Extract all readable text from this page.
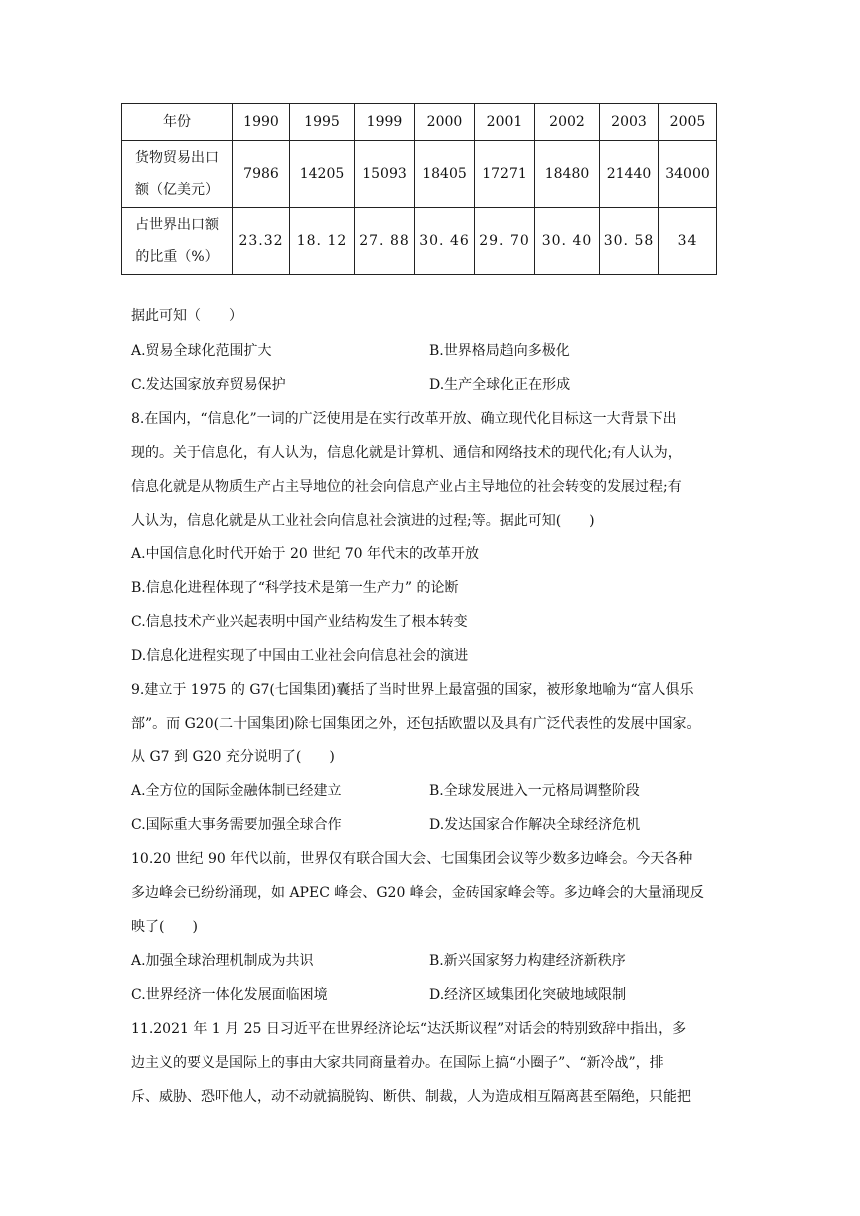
年份	1990	1995	1999	2000	2001	2002	2003	2005

货物贸易出口
额（亿美元）	7986	14205	15093	18405	17271	18480	21440	34000

占世界出口额
的比重（%）	23.32	18. 12	27. 88	30. 46	29. 70	30. 40	30. 58	34
据此可知（　　）
A.贸易全球化范围扩大	B.世界格局趋向多极化
C.发达国家放弃贸易保护	D.生产全球化正在形成
8.在国内，“信息化”一词的广泛使用是在实行改革开放、确立现代化目标这一大背景下出
现的。关于信息化，有人认为，信息化就是计算机、通信和网络技术的现代化;有人认为，
信息化就是从物质生产占主导地位的社会向信息产业占主导地位的社会转变的发展过程;有
人认为，信息化就是从工业社会向信息社会演进的过程;等。据此可知(　　)
A.中国信息化时代开始于 20 世纪 70 年代末的改革开放
B.信息化进程体现了“科学技术是第一生产力” 的论断
C.信息技术产业兴起表明中国产业结构发生了根本转变
D.信息化进程实现了中国由工业社会向信息社会的演进
9.建立于 1975 的 G7(七国集团)囊括了当时世界上最富强的国家，被形象地喻为“富人俱乐
部”。而 G20(二十国集团)除七国集团之外，还包括欧盟以及具有广泛代表性的发展中国家。
从 G7 到 G20 充分说明了(　　)
A.全方位的国际金融体制已经建立	B.全球发展进入一元格局调整阶段
C.国际重大事务需要加强全球合作	D.发达国家合作解决全球经济危机
10.20 世纪 90 年代以前，世界仅有联合国大会、七国集团会议等少数多边峰会。今天各种
多边峰会已纷纷涌现，如 APEC 峰会、G20 峰会，金砖国家峰会等。多边峰会的大量涌现反
映了(　　)
A.加强全球治理机制成为共识	B.新兴国家努力构建经济新秩序
C.世界经济一体化发展面临困境	D.经济区域集团化突破地域限制
11.2021 年 1 月 25 日习近平在世界经济论坛“达沃斯议程”对话会的特别致辞中指出，多
边主义的要义是国际上的事由大家共同商量着办。在国际上搞“小圈子”、“新冷战”，排
斥、威胁、恐吓他人，动不动就搞脱钩、断供、制裁，人为造成相互隔离甚至隔绝，只能把
